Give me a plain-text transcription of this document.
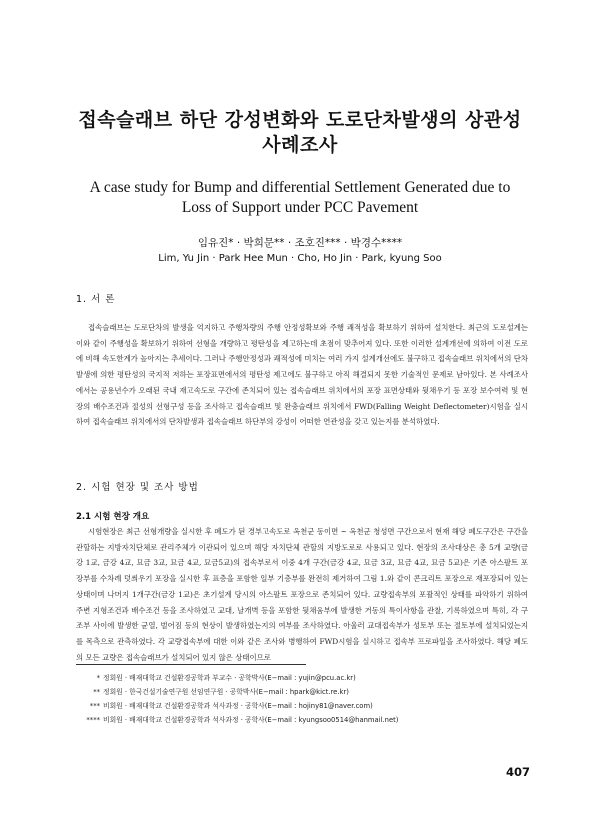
접속슬래브 하단 강성변화와 도로단차발생의 상관성
사례조사
A case study for Bump and differential Settlement Generated due to
Loss of Support under PCC Pavement
임유진* · 박희문** · 조호진*** · 박경수****
Lim, Yu Jin · Park Hee Mun · Cho, Ho Jin · Park, kyung Soo
1. 서 론

접속슬래브는 도로단차의 발생을 억지하고 주행차량의 주행 안정성확보와 주행 쾌적성을 확보하기 위하여 설치한다. 최근의 도로설계는 이와 같이 주행성을 확보하기 위하여 선형을 개량하고 평탄성을 제고하는데 초점이 맞추어져 있다. 또한 이러한 설계개선에 의하여 이전 도로에 비해 속도한계가 높아지는 추세이다. 그러나 주행안정성과 쾌적성에 미치는 여러 가지 설계개선에도 불구하고 접속슬래브 위치에서의 단차발생에 의한 평탄성의 국지적 저하는 포장표면에서의 평탄성 제고에도 불구하고 아직 해결되지 못한 기술적인 문제로 남아있다. 본 사례조사에서는 공용년수가 오래된 국내 재고속도로 구간에 존치되어 있는 접속슬래브 위치에서의 포장 표면상태와 뒷채우기 등 포장 보수여력 및 현장의 배수조건과 절성의 선형구성 등을 조사하고 접속슬래브 및 완충슬래브 위치에서 FWD(Falling Weight Deflectometer)시험을 실시하여 접속슬래브 위치에서의 단차발생과 접속슬래브 하단부의 강성이 어떠한 연관성을 갖고 있는지를 분석하였다.

2. 시험 현장 및 조사 방법
2.1 시험 현장 개요

시험현장은 최근 선형개량을 실시한 후 폐도가 된 경부고속도로 옥천군 동이면 ~ 옥천군 청성면 구간으로서 현재 해당 폐도구간은 구간을 관할하는 지방자치단체로 관리주체가 이관되어 있으며 해당 자치단체 관할의 지방도로로 사용되고 있다. 현장의 조사대상은 총 5개 교량(금강 1교, 금강 4교, 묘금 3교, 묘금 4교, 묘금5교)의 접속부로서 이중 4개 구간(금강 4교, 묘금 3교, 묘금 4교, 묘금 5교)은 기존 아스팔트 포장부를 수차례 덧씌우기 포장을 실시한 후 표층을 포함한 일부 기층부를 완전히 제거하여 그림 1.와 같이 콘크리트 포장으로 재포장되어 있는 상태이며 나머지 1개구간(금강 1교)은 초기설계 당시의 아스팔트 포장으로 존치되어 있다. 교량접속부의 포괄적인 상태를 파악하기 위하여 주변 지형조건과 배수조건 등을 조사하였고 교대, 날개벽 등을 포함한 뒷채움부에 발생한 거동의 특이사항을 관찰, 기록하였으며 특히, 각 구조부 사이에 발생한 균열, 벌어짐 등의 현상이 발생하였는지의 여부를 조사하였다. 아울러 교대접속부가 성토부 또는 절토부에 설치되었는지를 목측으로 관측하였다. 각 교량접속부에 대한 이와 같은 조사와 병행하여 FWD시험을 실시하고 접속부 프로파일을 조사하였다. 해당 폐도의 모든 교량은 접속슬래브가 설치되어 있지 않은 상태이므로

* 정회원 · 배재대학교 건설환경공학과 부교수 · 공학박사(E−mail : yujin@pcu.ac.kr)
** 정회원 · 한국건설기술연구원 선임연구원 · 공학박사(E−mail : hpark@kict.re.kr)
*** 비회원 · 배재대학교 건설환경공학과 석사과정 · 공학사(E−mail : hojiny81@naver.com)
**** 비회원 · 배재대학교 건설환경공학과 석사과정 · 공학사(E−mail : kyungsoo0514@hanmail.net)
407
